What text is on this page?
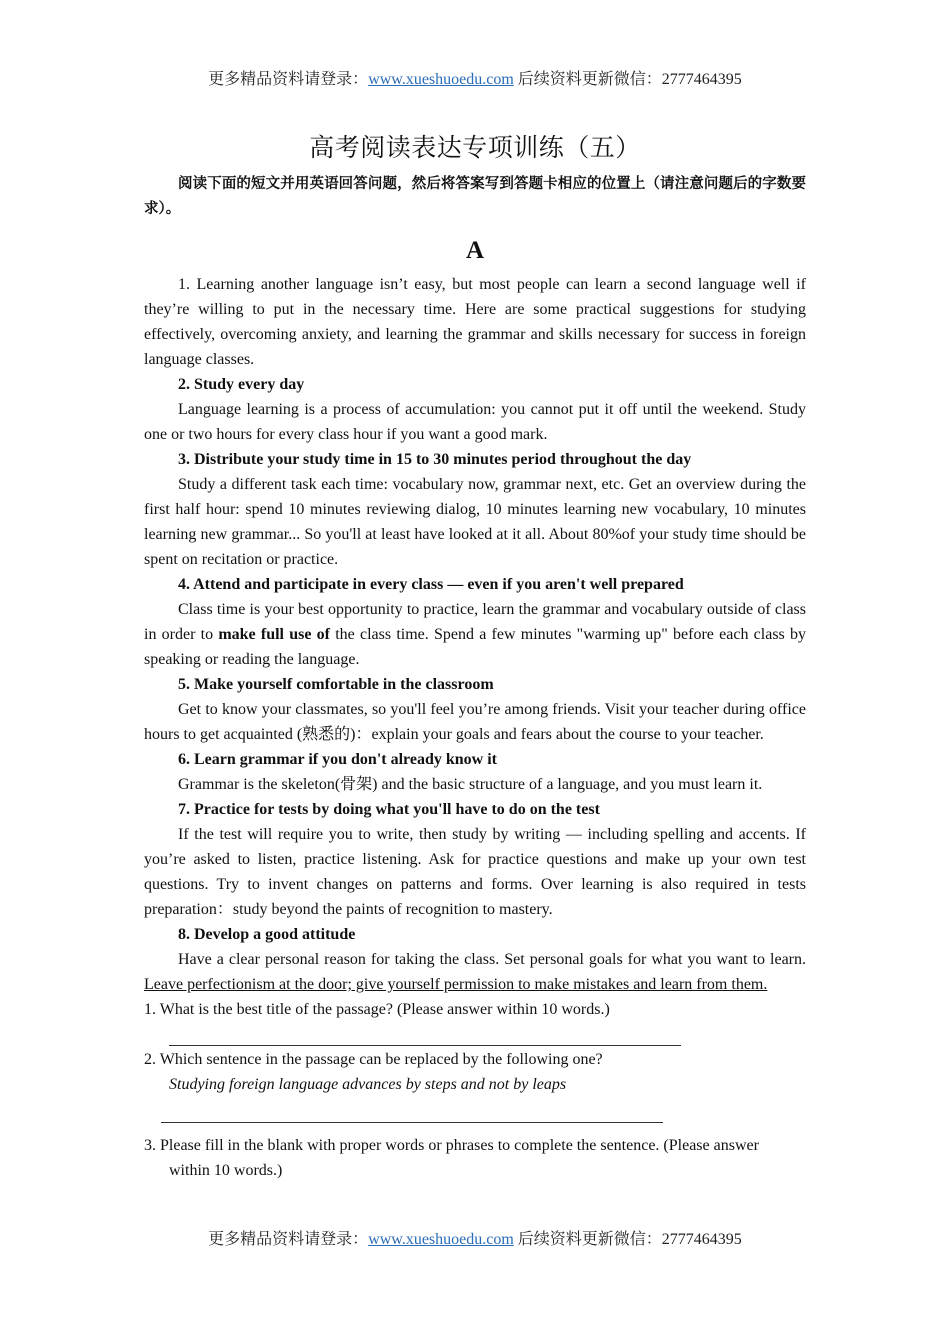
更多精品资料请登录：www.xueshuoedu.com 后续资料更新微信：2777464395
高考阅读表达专项训练（五）

阅读下面的短文并用英语回答问题，然后将答案写到答题卡相应的位置上（请注意问题后的字数要求）。

A

1. Learning another language isn’t easy, but most people can learn a second language well if they’re willing to put in the necessary time. Here are some practical suggestions for studying effectively, overcoming anxiety, and learning the grammar and skills necessary for success in foreign language classes.

2. Study every day

Language learning is a process of accumulation: you cannot put it off until the weekend. Study one or two hours for every class hour if you want a good mark.

3. Distribute your study time in 15 to 30 minutes period throughout the day

Study a different task each time: vocabulary now, grammar next, etc. Get an overview during the first half hour: spend 10 minutes reviewing dialog, 10 minutes learning new vocabulary, 10 minutes learning new grammar... So you'll at least have looked at it all. About 80%of your study time should be spent on recitation or practice.

4. Attend and participate in every class — even if you aren't well prepared

Class time is your best opportunity to practice, learn the grammar and vocabulary outside of class in order to make full use of the class time. Spend a few minutes "warming up" before each class by speaking or reading the language.

5. Make yourself comfortable in the classroom

Get to know your classmates, so you'll feel you’re among friends. Visit your teacher during office hours to get acquainted (熟悉的)：explain your goals and fears about the course to your teacher.

6. Learn grammar if you don't already know it

Grammar is the skeleton(骨架) and the basic structure of a language, and you must learn it.

7. Practice for tests by doing what you'll have to do on the test

If the test will require you to write, then study by writing — including spelling and accents. If you’re asked to listen, practice listening. Ask for practice questions and make up your own test questions. Try to invent changes on patterns and forms. Over learning is also required in tests preparation：study beyond the paints of recognition to mastery.

8. Develop a good attitude

Have a clear personal reason for taking the class. Set personal goals for what you want to learn. Leave perfectionism at the door; give yourself permission to make mistakes and learn from them.

1. What is the best title of the passage? (Please answer within 10 words.)

2. Which sentence in the passage can be replaced by the following one?

Studying foreign language advances by steps and not by leaps

3. Please fill in the blank with proper words or phrases to complete the sentence. (Please answer

within 10 words.)

更多精品资料请登录：www.xueshuoedu.com 后续资料更新微信：2777464395
